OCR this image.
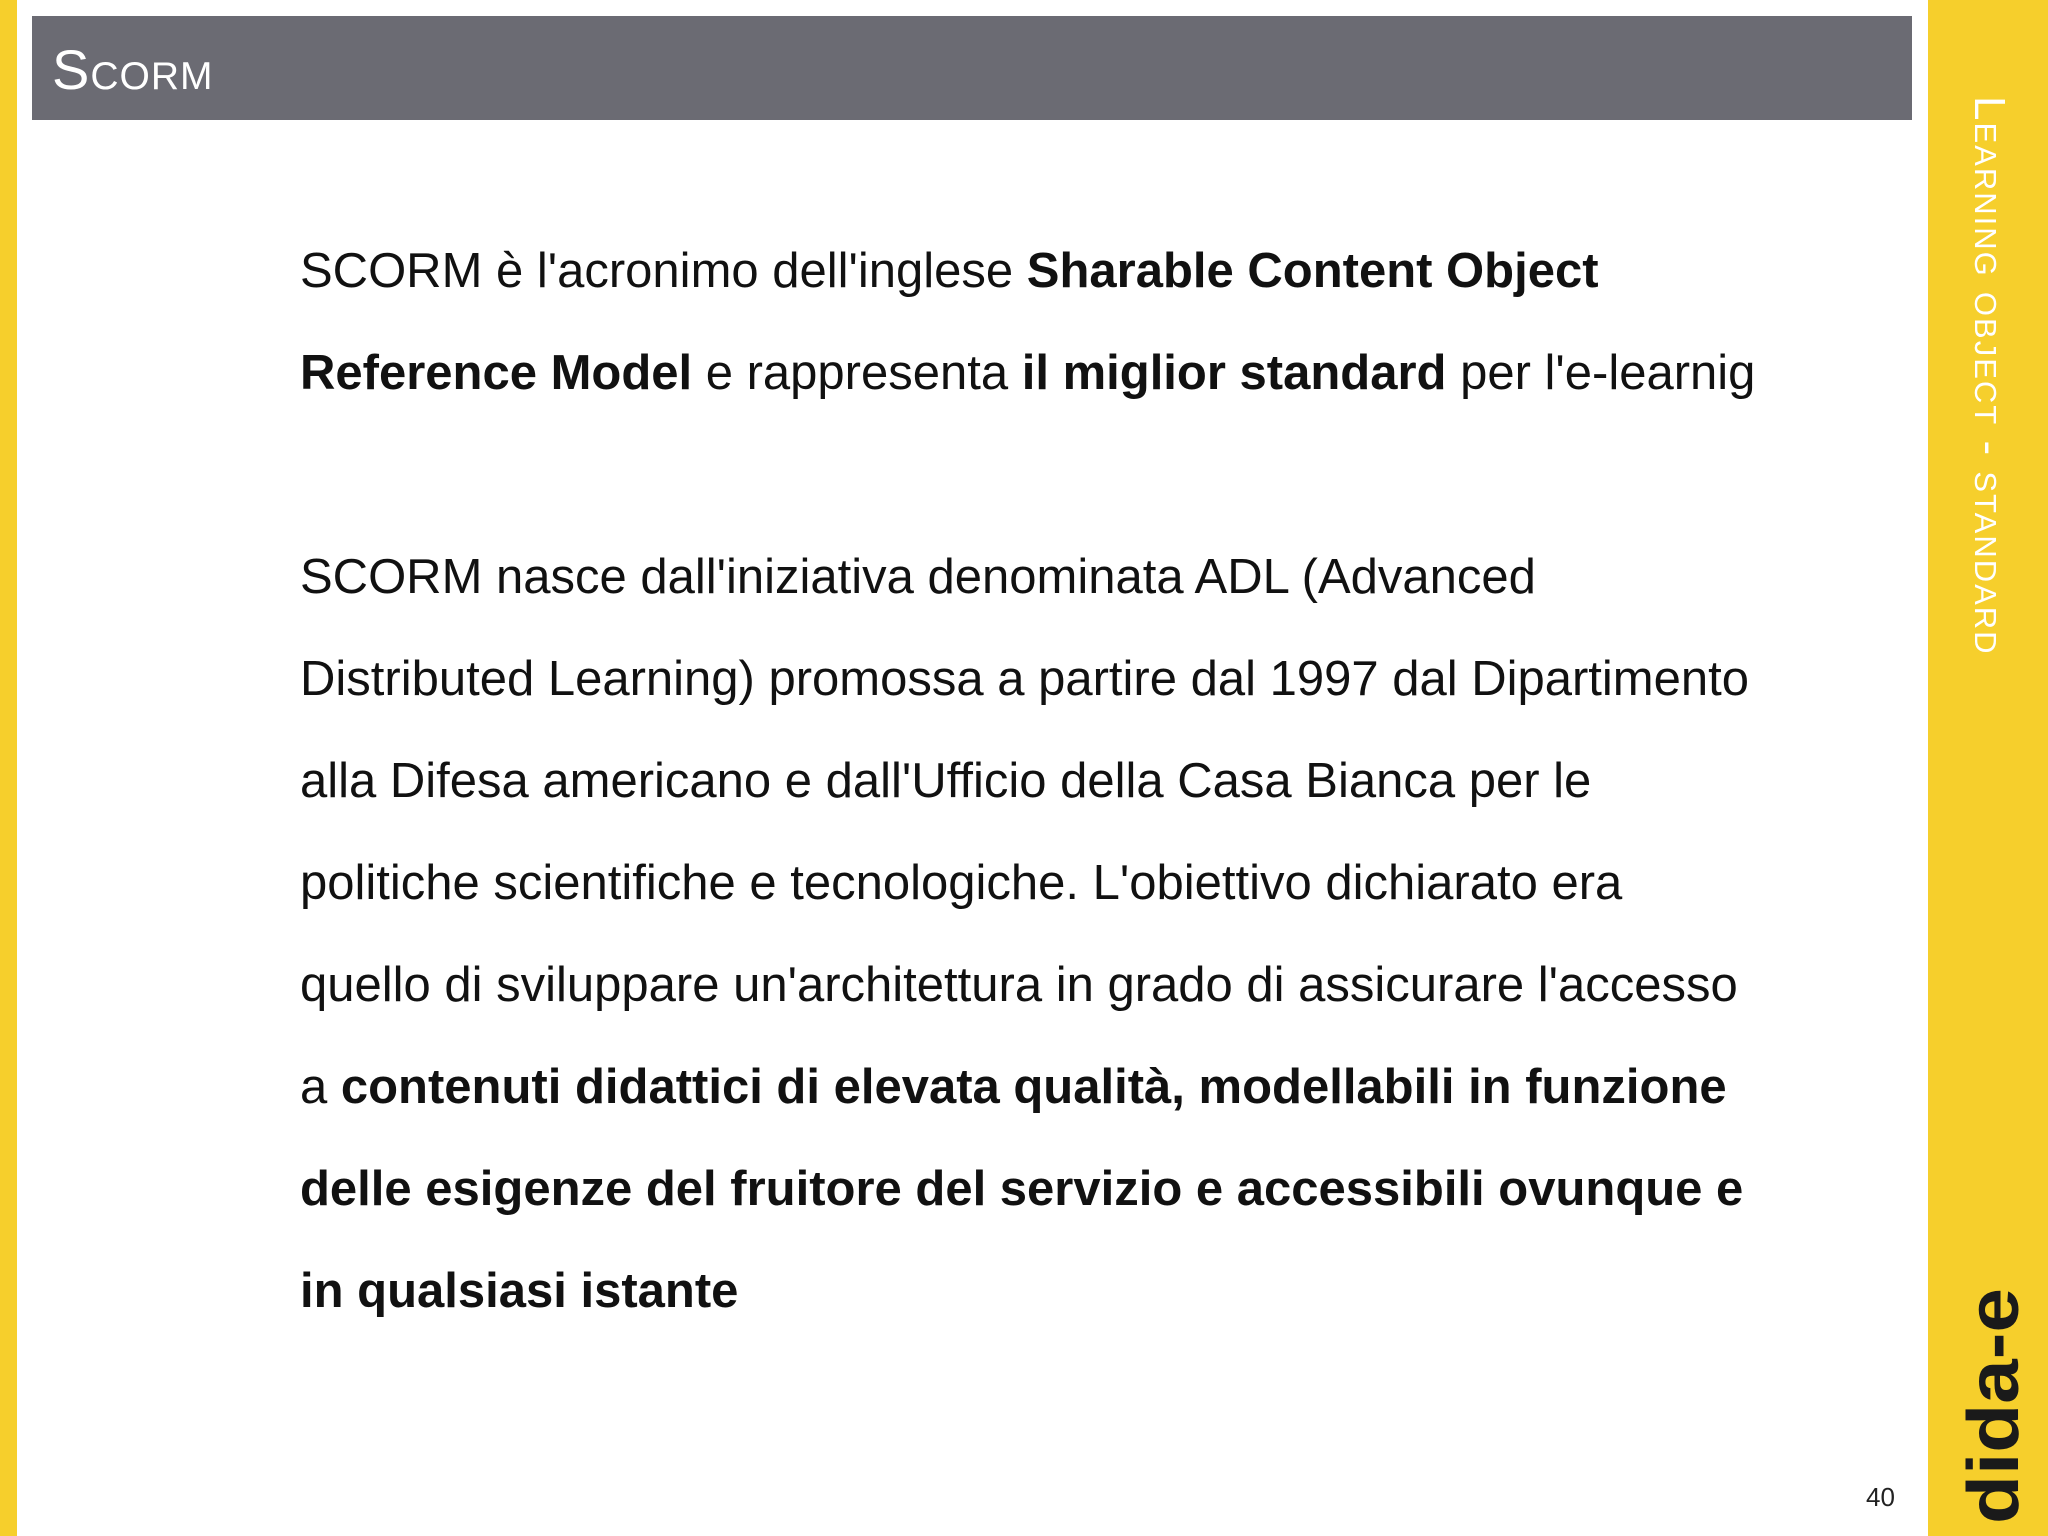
Scorm
Learning object - standard
dida-e

SCORM è l'acronimo dell'inglese Sharable Content Object Reference Model e rappresenta il miglior standard per l'e-learnig

SCORM nasce dall'iniziativa denominata ADL (Advanced Distributed Learning) promossa a partire dal 1997 dal Dipartimento alla Difesa americano e dall'Ufficio della Casa Bianca per le politiche scientifiche e tecnologiche. L'obiettivo dichiarato era quello di sviluppare un'architettura in grado di assicurare l'accesso a contenuti didattici di elevata qualità, modellabili in funzione delle esigenze del fruitore del servizio e accessibili ovunque e in qualsiasi istante

40
